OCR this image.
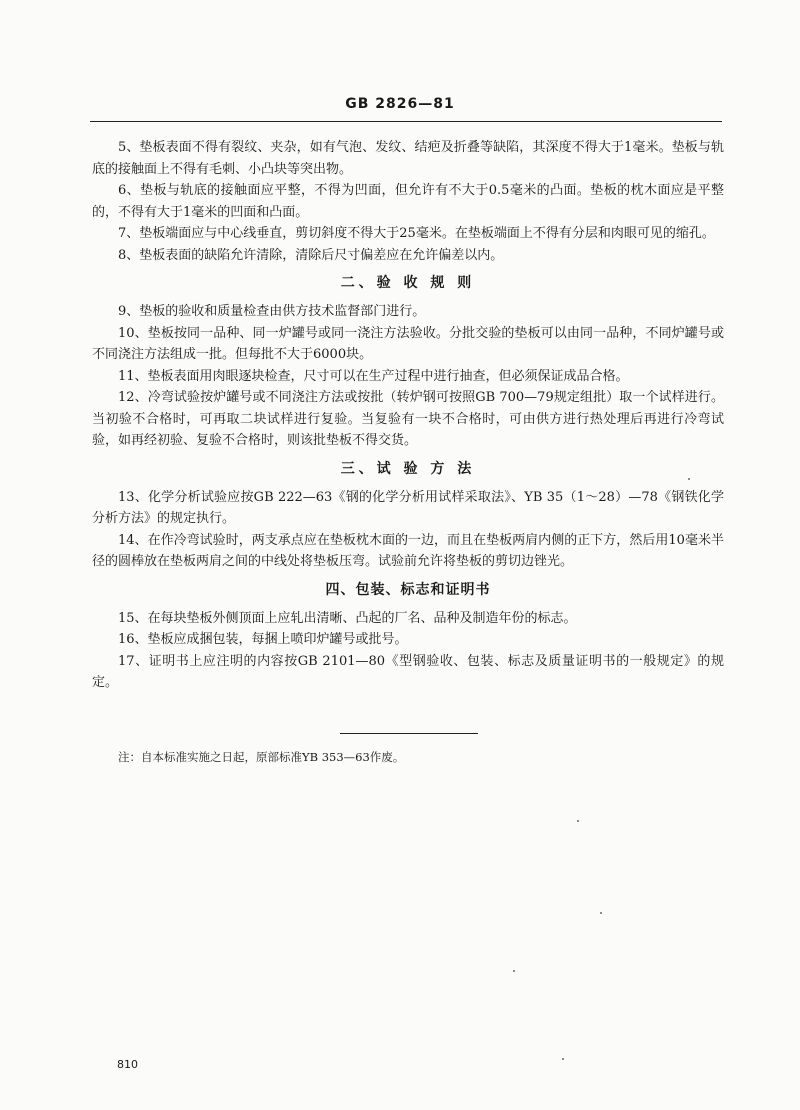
GB 2826—81

5、垫板表面不得有裂纹、夹杂，如有气泡、发纹、结疤及折叠等缺陷，其深度不得大于1毫米。垫板与轨底的接触面上不得有毛刺、小凸块等突出物。

6、垫板与轨底的接触面应平整，不得为凹面，但允许有不大于0.5毫米的凸面。垫板的枕木面应是平整的，不得有大于1毫米的凹面和凸面。

7、垫板端面应与中心线垂直，剪切斜度不得大于25毫米。在垫板端面上不得有分层和肉眼可见的缩孔。

8、垫板表面的缺陷允许清除，清除后尺寸偏差应在允许偏差以内。

二、验 收 规 则

9、垫板的验收和质量检查由供方技术监督部门进行。

10、垫板按同一品种、同一炉罐号或同一浇注方法验收。分批交验的垫板可以由同一品种，不同炉罐号或不同浇注方法组成一批。但每批不大于6000块。

11、垫板表面用肉眼逐块检查，尺寸可以在生产过程中进行抽查，但必须保证成品合格。

12、冷弯试验按炉罐号或不同浇注方法或按批（转炉钢可按照GB 700—79规定组批）取一个试样进行。当初验不合格时，可再取二块试样进行复验。当复验有一块不合格时，可由供方进行热处理后再进行冷弯试验，如再经初验、复验不合格时，则该批垫板不得交货。

三、试 验 方 法

13、化学分析试验应按GB 222—63《钢的化学分析用试样采取法》、YB 35（1～28）—78《钢铁化学分析方法》的规定执行。

14、在作冷弯试验时，两支承点应在垫板枕木面的一边，而且在垫板两肩内侧的正下方，然后用10毫米半径的圆棒放在垫板两肩之间的中线处将垫板压弯。试验前允许将垫板的剪切边锉光。

四、包装、标志和证明书

15、在每块垫板外侧顶面上应轧出清晰、凸起的厂名、品种及制造年份的标志。

16、垫板应成捆包装，每捆上喷印炉罐号或批号。

17、证明书上应注明的内容按GB 2101—80《型钢验收、包装、标志及质量证明书的一般规定》的规定。

注：自本标准实施之日起，原部标准YB 353—63作废。
810
